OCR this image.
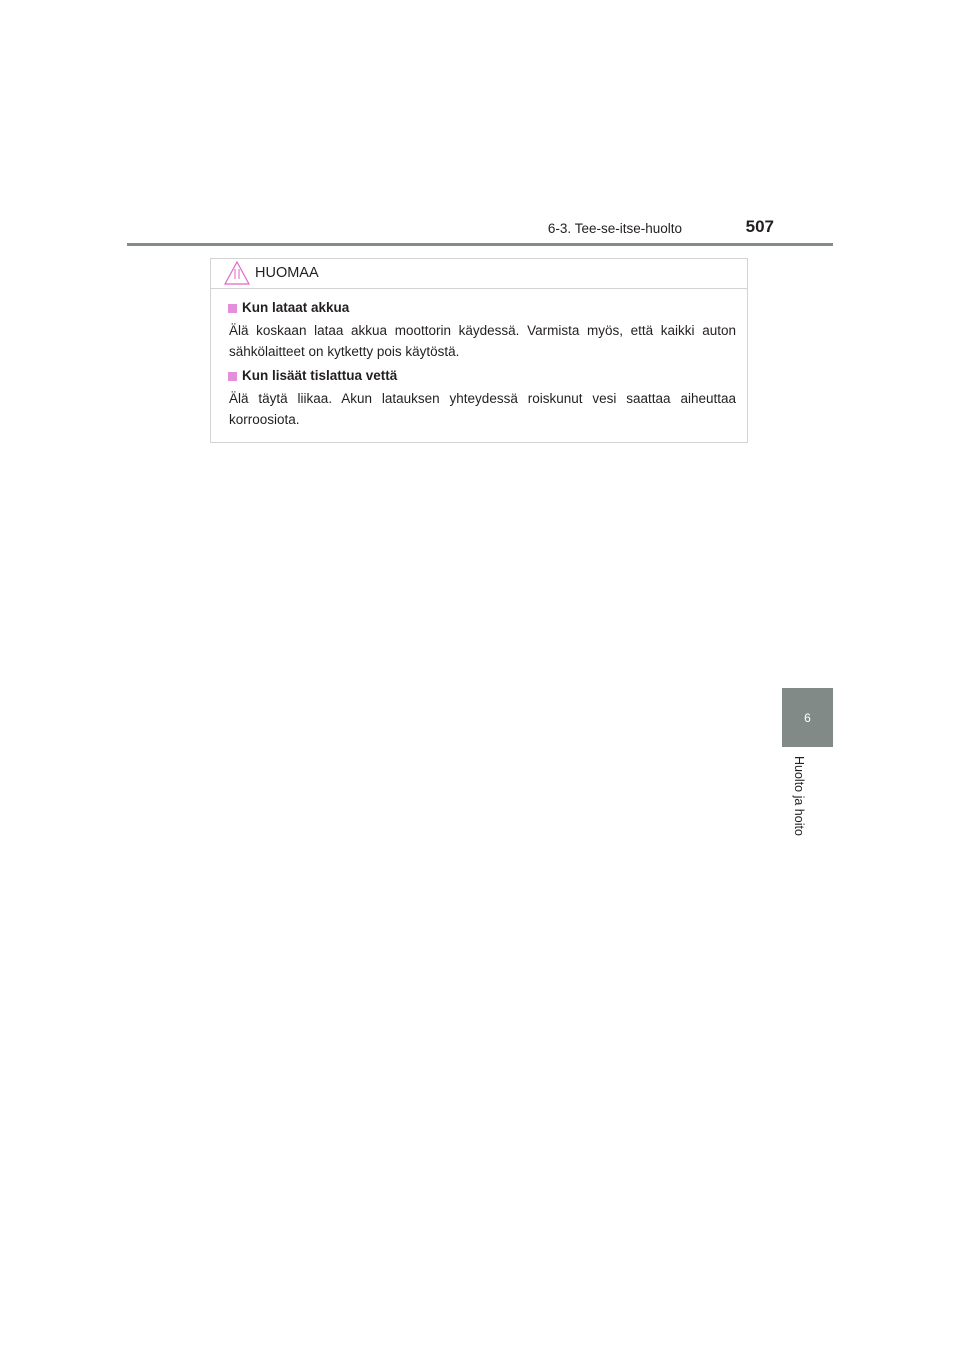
6-3. Tee-se-itse-huolto	507
6
Huolto ja hoito
HUOMAA
Kun lataat akkua
Älä koskaan lataa akkua moottorin käydessä. Varmista myös, että kaikki auton sähkölaitteet on kytketty pois käytöstä.
Kun lisäät tislattua vettä
Älä täytä liikaa. Akun latauksen yhteydessä roiskunut vesi saattaa aiheuttaa korroosiota.
